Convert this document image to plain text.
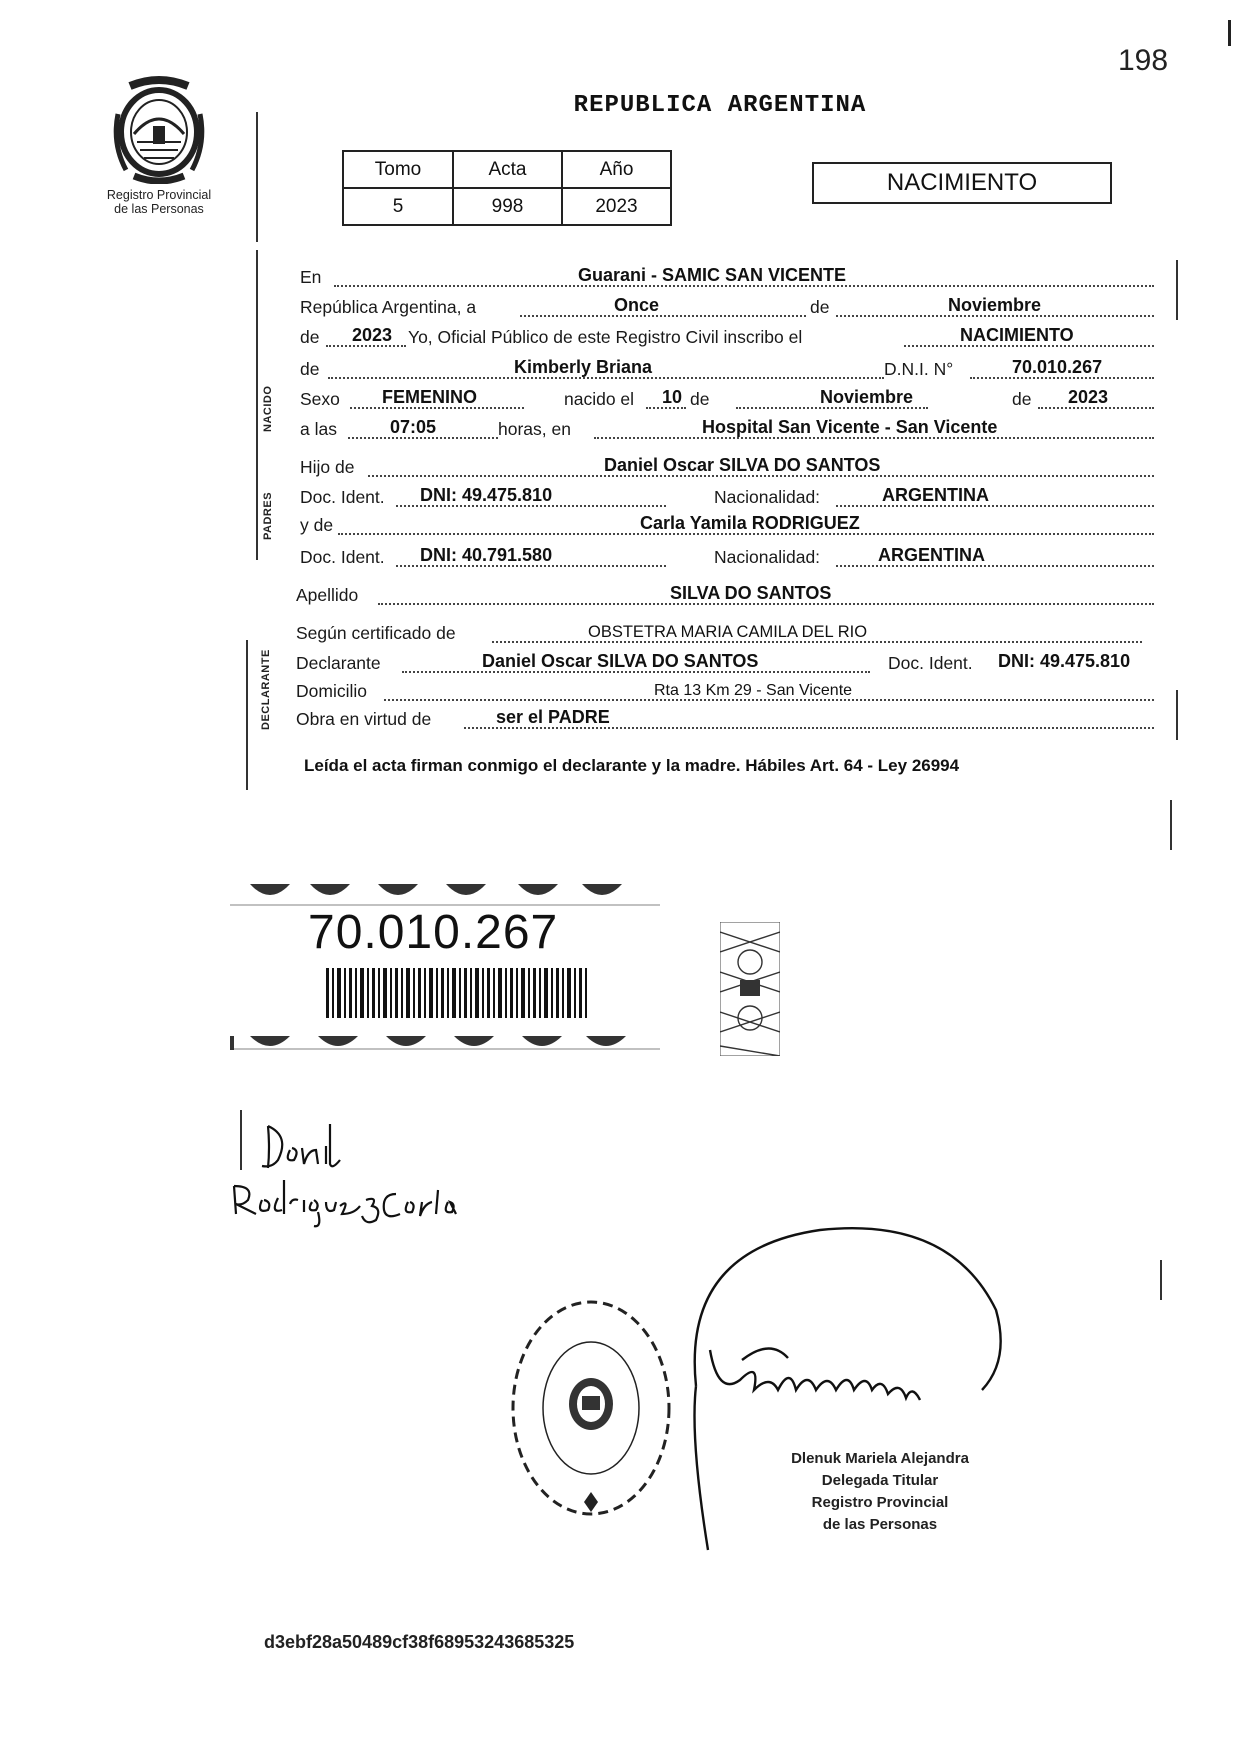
198
Registro Provincial
de las Personas
REPUBLICA ARGENTINA
Tomo	Acta	Año
5	998	2023
NACIMIENTO
NACIDO
PADRES
DECLARANTE
En	Guarani - SAMIC SAN VICENTE
República Argentina, a	Once	de	Noviembre
de 2023 Yo, Oficial Público de este Registro Civil inscribo el	NACIMIENTO
de	Kimberly Briana	D.N.I. N°	70.010.267
Sexo FEMENINO	nacido el 10 de	Noviembre	de 2023
a las	07:05	horas, en	Hospital San Vicente - San Vicente
Hijo de	Daniel Oscar SILVA DO SANTOS
Doc. Ident. DNI: 49.475.810	Nacionalidad:	ARGENTINA
y de	Carla Yamila RODRIGUEZ
Doc. Ident. DNI: 40.791.580	Nacionalidad:	ARGENTINA
Apellido	SILVA DO SANTOS
Según certificado de	OBSTETRA MARIA CAMILA DEL RIO
Declarante	Daniel Oscar SILVA DO SANTOS	Doc. Ident. DNI: 49.475.810
Domicilio	Rta 13 Km 29 - San Vicente
Obra en virtud de	ser el PADRE
Leída el acta firman conmigo el declarante y la madre. Hábiles Art. 64 - Ley 26994
70.010.267
Dlenuk Mariela Alejandra
Delegada Titular
Registro Provincial
de las Personas
d3ebf28a50489cf38f68953243685325
